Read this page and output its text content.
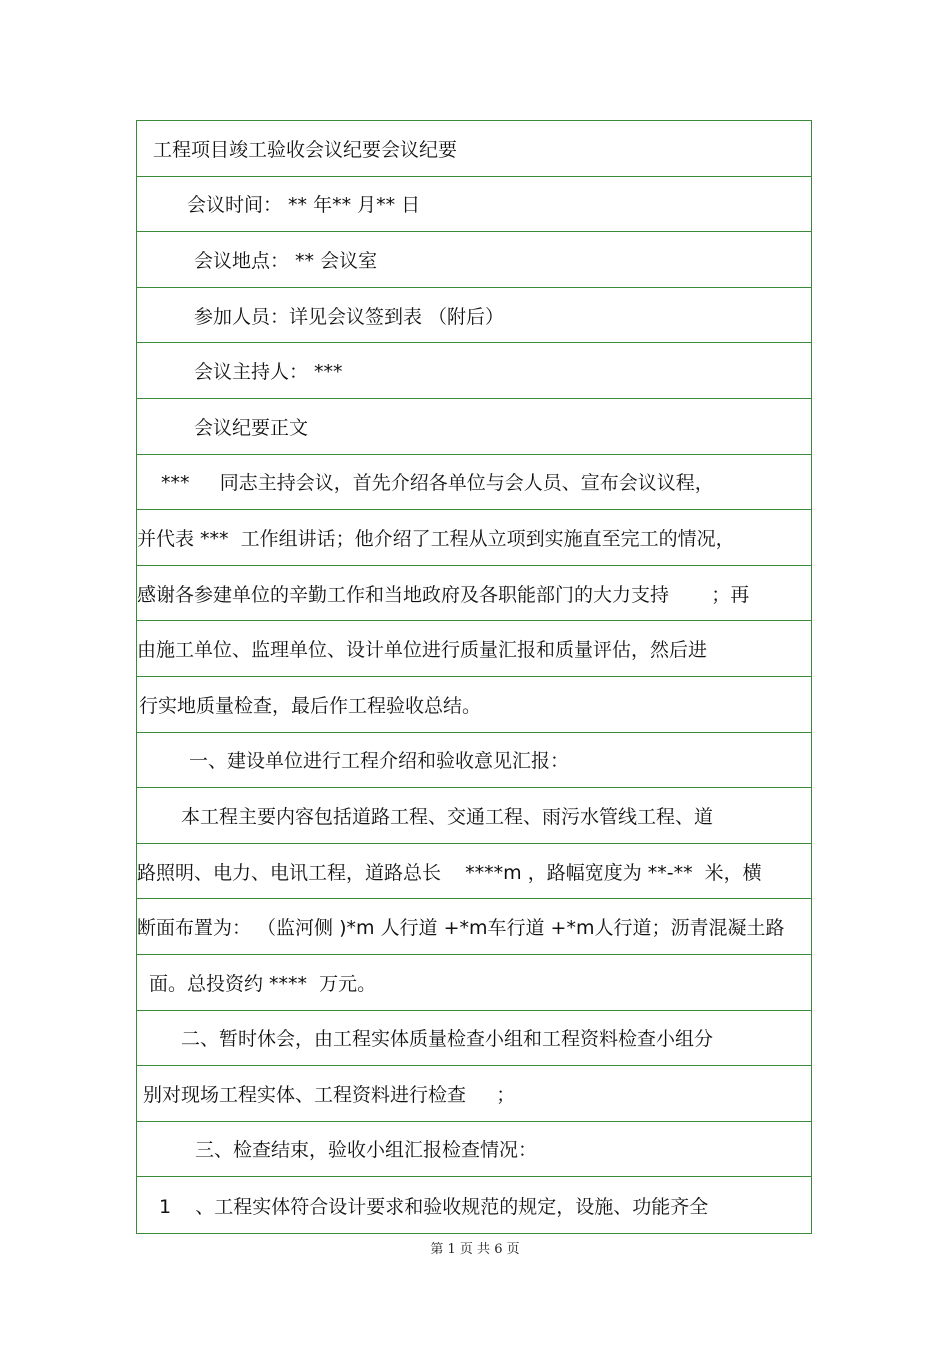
工程项目竣工验收会议纪要会议纪要
会议时间： ** 年** 月** 日
会议地点： ** 会议室
参加人员：详见会议签到表 （附后）
会议主持人： ***
会议纪要正文
***     同志主持会议，首先介绍各单位与会人员、宣布会议议程，
并代表 ***  工作组讲话；他介绍了工程从立项到实施直至完工的情况，
感谢各参建单位的辛勤工作和当地政府及各职能部门的大力支持       ；再
由施工单位、监理单位、设计单位进行质量汇报和质量评估，然后进
行实地质量检查，最后作工程验收总结。
一、建设单位进行工程介绍和验收意见汇报：
本工程主要内容包括道路工程、交通工程、雨污水管线工程、道
路照明、电力、电讯工程，道路总长    ****m ，路幅宽度为 **-**  米，横
断面布置为： （监河侧 )*m 人行道 +*m车行道 +*m人行道；沥青混凝土路
面。总投资约 ****  万元。
二、暂时休会，由工程实体质量检查小组和工程资料检查小组分
别对现场工程实体、工程资料进行检查     ；
三、检查结束，验收小组汇报检查情况：
1    、工程实体符合设计要求和验收规范的规定，设施、功能齐全
第 1 页 共 6 页
